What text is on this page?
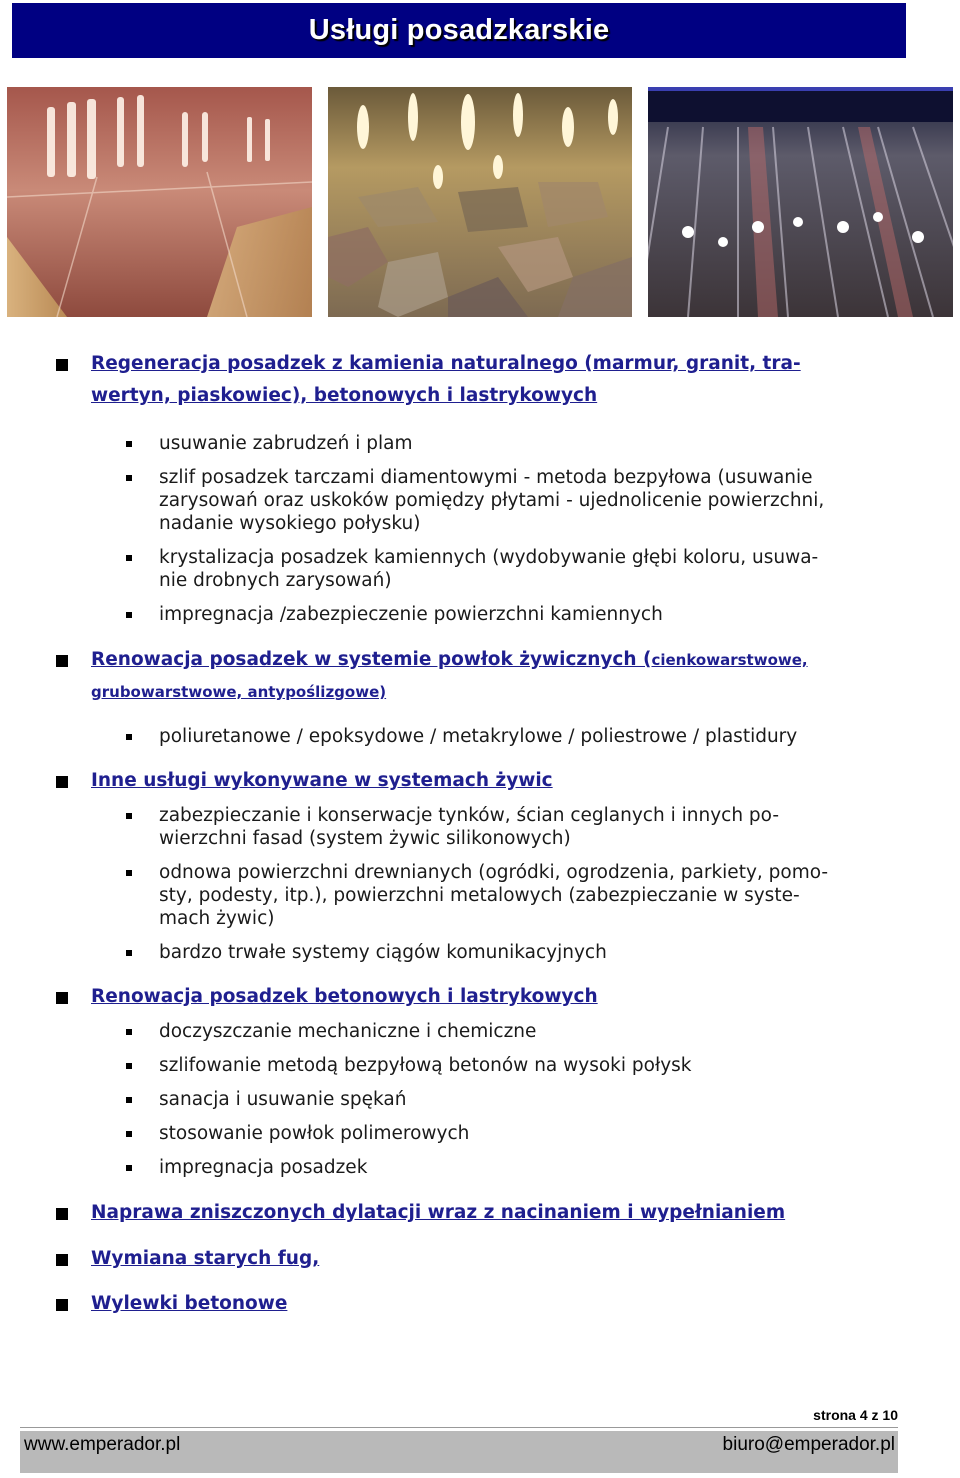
Usługi posadzkarskie
Regeneracja posadzek z kamienia naturalnego (marmur, granit, tra-
wertyn, piaskowiec), betonowych i lastrykowych
usuwanie zabrudzeń i plam
szlif posadzek tarczami diamentowymi - metoda bezpyłowa (usuwanie
zarysowań oraz uskoków pomiędzy płytami - ujednolicenie powierzchni,
nadanie wysokiego połysku)
krystalizacja posadzek kamiennych (wydobywanie głębi koloru, usuwa-
nie drobnych zarysowań)
impregnacja /zabezpieczenie powierzchni kamiennych
Renowacja posadzek w systemie powłok żywicznych (cienkowarstwowe,
grubowarstwowe, antypoślizgowe)
poliuretanowe / epoksydowe / metakrylowe / poliestrowe / plastidury
Inne usługi wykonywane w systemach żywic
zabezpieczanie i konserwacje tynków, ścian ceglanych i innych po-
wierzchni fasad (system żywic silikonowych)
odnowa powierzchni drewnianych (ogródki, ogrodzenia, parkiety, pomo-
sty, podesty, itp.), powierzchni metalowych (zabezpieczanie w syste-
mach żywic)
bardzo trwałe systemy ciągów komunikacyjnych
Renowacja posadzek betonowych i lastrykowych
doczyszczanie mechaniczne i chemiczne
szlifowanie metodą bezpyłową betonów na wysoki połysk
sanacja i usuwanie spękań
stosowanie powłok polimerowych
impregnacja posadzek
Naprawa zniszczonych dylatacji wraz z nacinaniem i wypełnianiem
Wymiana starych fug,
Wylewki betonowe
strona 4 z 10
www.emperador.pl	biuro@emperador.pl
